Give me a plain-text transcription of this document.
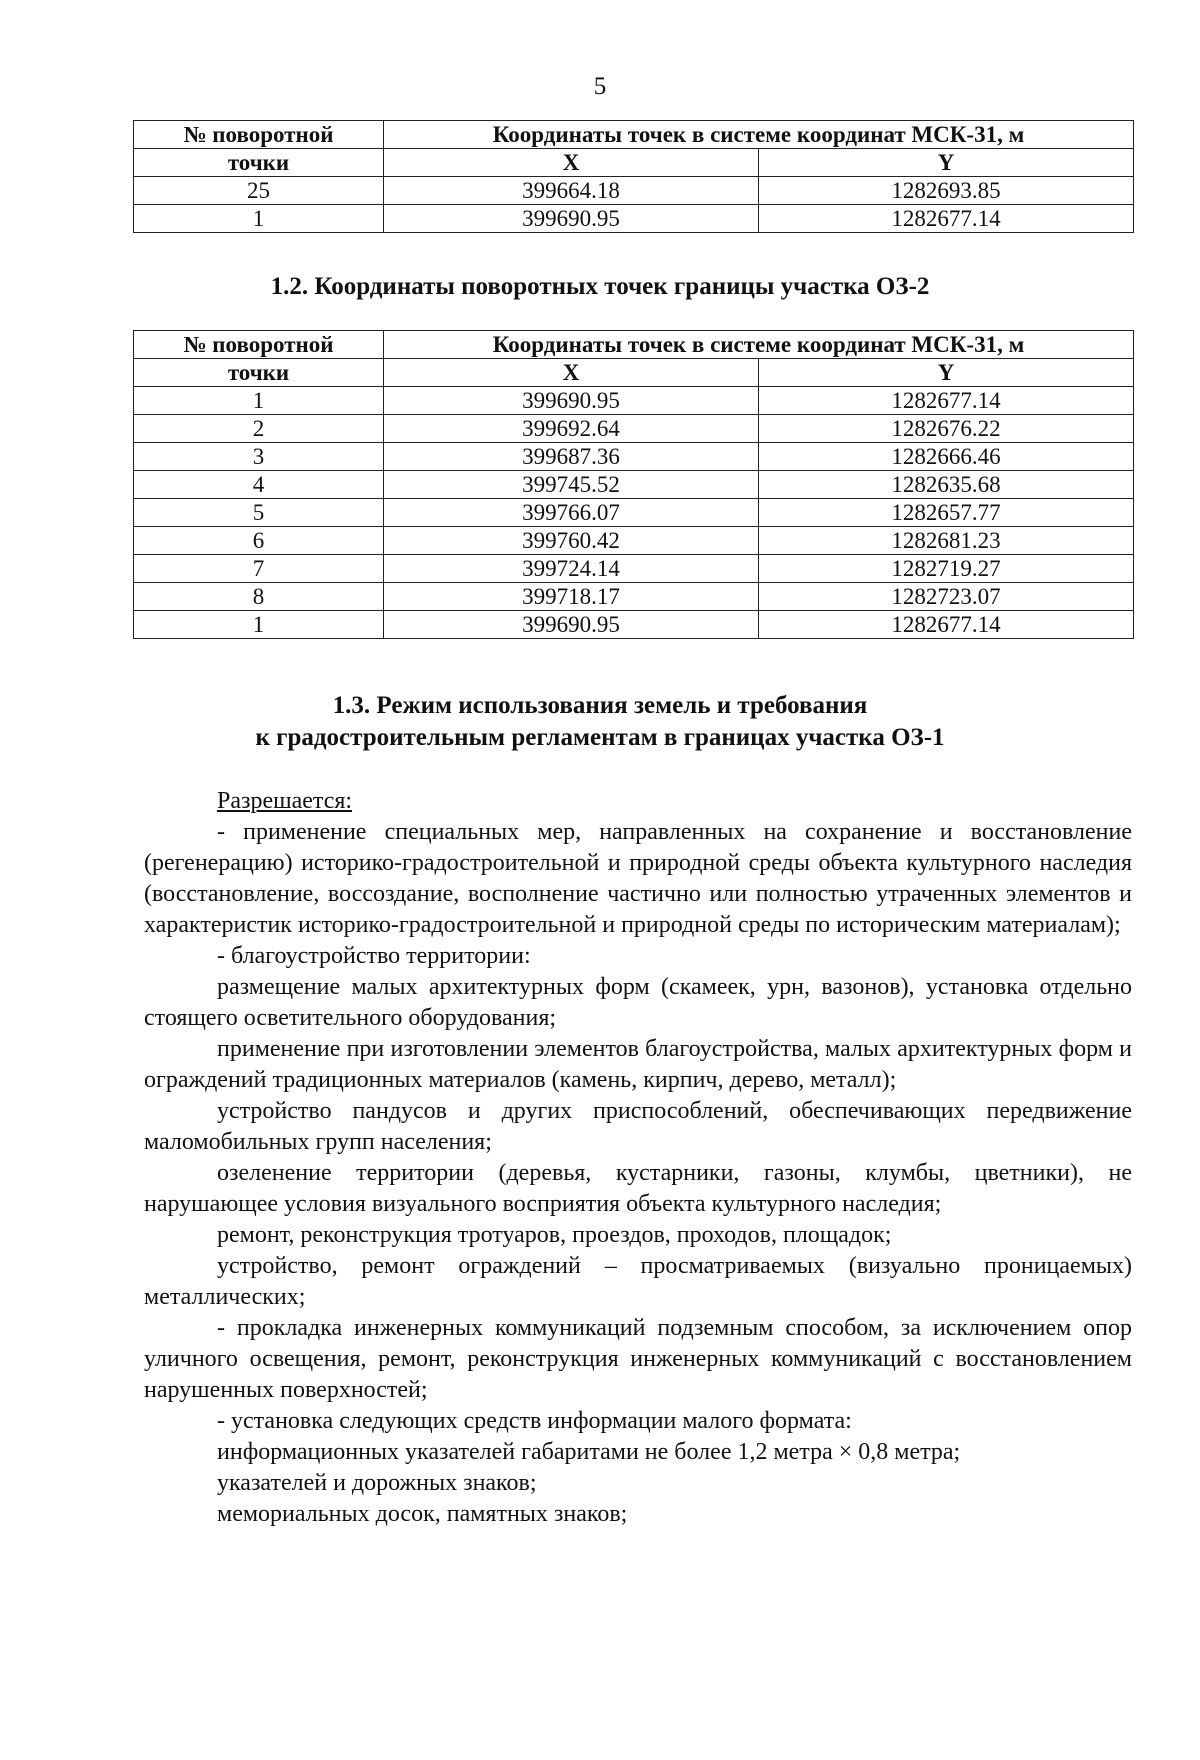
5
№ поворотной	Координаты точек в системе координат МСК-31, м	
точки	X	Y
25	399664.18	1282693.85
1	399690.95	1282677.14
1.2. Координаты поворотных точек границы участка ОЗ-2
№ поворотной	Координаты точек в системе координат МСК-31, м	
точки	X	Y
1	399690.95	1282677.14
2	399692.64	1282676.22
3	399687.36	1282666.46
4	399745.52	1282635.68
5	399766.07	1282657.77
6	399760.42	1282681.23
7	399724.14	1282719.27
8	399718.17	1282723.07
1	399690.95	1282677.14
1.3. Режим использования земель и требования
к градостроительным регламентам в границах участка ОЗ-1

Разрешается:

- применение специальных мер, направленных на сохранение и восстановление (регенерацию) историко-градостроительной и природной среды объекта культурного наследия (восстановление, воссоздание, восполнение частично или полностью утраченных элементов и характеристик историко-градостроительной и природной среды по историческим материалам);

- благоустройство территории:

размещение малых архитектурных форм (скамеек, урн, вазонов), установка отдельно стоящего осветительного оборудования;

применение при изготовлении элементов благоустройства, малых архитектурных форм и ограждений традиционных материалов (камень, кирпич, дерево, металл);

устройство пандусов и других приспособлений, обеспечивающих передвижение маломобильных групп населения;

озеленение территории (деревья, кустарники, газоны, клумбы, цветники), не нарушающее условия визуального восприятия объекта культурного наследия;

ремонт, реконструкция тротуаров, проездов, проходов, площадок;

устройство, ремонт ограждений – просматриваемых (визуально проницаемых) металлических;

- прокладка инженерных коммуникаций подземным способом, за исключением опор уличного освещения, ремонт, реконструкция инженерных коммуникаций с восстановлением нарушенных поверхностей;

- установка следующих средств информации малого формата:

информационных указателей габаритами не более 1,2 метра × 0,8 метра;

указателей и дорожных знаков;

мемориальных досок, памятных знаков;
